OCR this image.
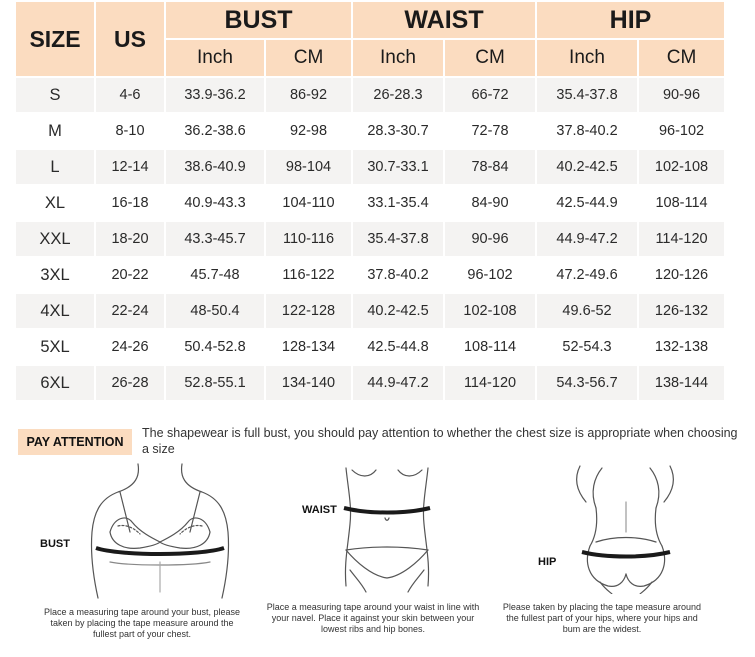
SIZE	US	BUST		WAIST		HIP	
		Inch	CM	Inch	CM	Inch	CM
S	4-6	33.9-36.2	86-92	26-28.3	66-72	35.4-37.8	90-96
M	8-10	36.2-38.6	92-98	28.3-30.7	72-78	37.8-40.2	96-102
L	12-14	38.6-40.9	98-104	30.7-33.1	78-84	40.2-42.5	102-108
XL	16-18	40.9-43.3	104-110	33.1-35.4	84-90	42.5-44.9	108-114
XXL	18-20	43.3-45.7	110-116	35.4-37.8	90-96	44.9-47.2	114-120
3XL	20-22	45.7-48	116-122	37.8-40.2	96-102	47.2-49.6	120-126
4XL	22-24	48-50.4	122-128	40.2-42.5	102-108	49.6-52	126-132
5XL	24-26	50.4-52.8	128-134	42.5-44.8	108-114	52-54.3	132-138
6XL	26-28	52.8-55.1	134-140	44.9-47.2	114-120	54.3-56.7	138-144
PAY ATTENTION
The shapewear is full bust, you should pay attention to whether the chest size is appropriate when choosing a size
BUST
Place a measuring tape around your bust, please taken by placing the tape measure around the fullest part of your chest.
WAIST
Place a measuring tape around your waist in line with your navel. Place it against your skin between your lowest ribs and hip bones.
HIP
Please taken by placing the tape measure around the fullest part of your hips, where your hips and bum are the widest.
